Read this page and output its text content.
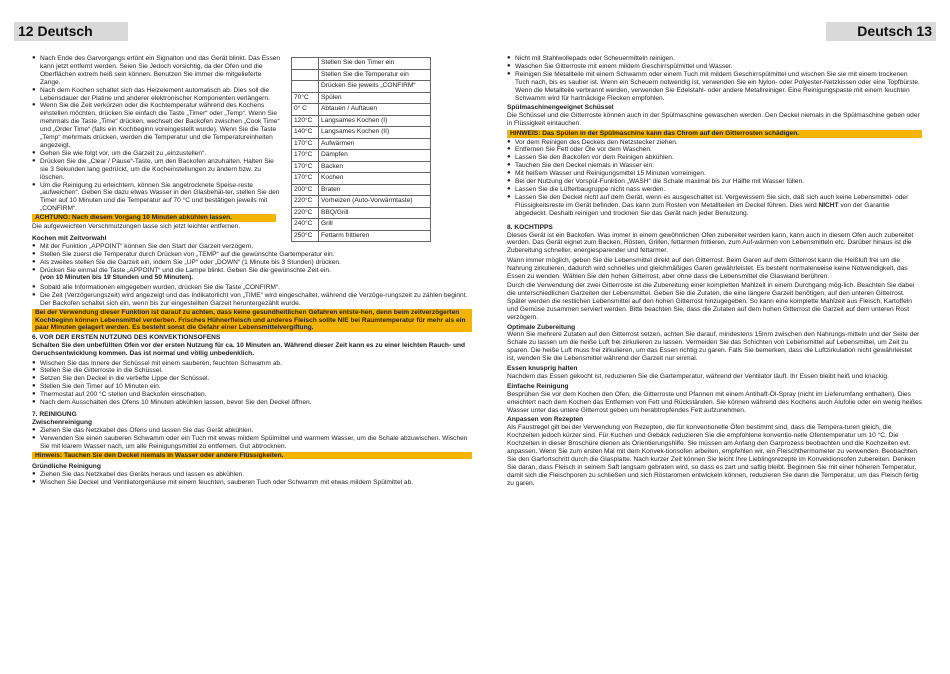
12 Deutsch	Deutsch 13
● Nach Ende des Garvorgangs ertönt ein Signalton und das Gerät blinkt. Das Essen kann jetzt entfernt werden. Seien Sie Jedoch vorsichtig, da der Ofen und die Oberflächen extrem heiß sein können. Benutzen Sie immer die mitgelieferte Zange.
● Nach dem Kochen schaltet sich das Heizelement automatisch ab. Dies soll die Lebensdauer der Platine und anderer elektronischer Komponenten verlängern.
● Wenn Sie die Zeit verkürzen oder die Kochtemperatur während des Kochens einstellen möchten, drücken Sie einfach die Taste „Timer“ oder „Temp“. Wenn Sie mehrmals die Taste „Time“ drücken, wechselt der Backofen zwischen „Cook Time“ und „Order Time“ (falls ein Kochbeginn voreingestellt wurde). Wenn Sie die Taste „Temp“ mehrmals drücken, werden die Temperatur und die Temperatureinheiten angezeigt.
● Gehen Sie wie folgt vor, um die Garzeit zu „einzustellen“.
● Drücken Sie die „Clear / Pause“-Taste, um den Backofen anzuhalten. Halten Sie sie 3 Sekunden lang gedrückt, um die Kocheinstellungen zu ändern bzw. zu löschen.
● Um die Reinigung zu erleichtern, können Sie angetrocknete Speise-reste „aufweichen“. Geben Sie dazu etwas Wasser in den Glasbehäl-ter, stellen Sie den Timer auf 10 Minuten und die Temperatur auf 70 °C und bestätigen jeweils mit „CONFIRM“.
ACHTUNG: Nach diesem Vorgang 10 Minuten abkühlen lassen.

Die aufgeweichten Verschmutzungen lasse sich jetzt leichter entfernen.

Kochen mit Zeitvorwahl
● Mit der Funktion „APPOINT“ können Sie den Start der Garzeit verzögern.
● Stellen Sie zuerst die Temperatur durch Drücken von „TEMP“ auf die gewünschte Gartemperatur ein.
● Als zweites stellen Sie die Garzeit ein, indem Sie „UP“ oder „DOWN“ (1 Minute bis 3 Stunden) drücken.
● Drücken Sie einmal die Taste „APPOINT“ und die Lampe blinkt. Geben Sie die gewünschte Zeit ein.

(von 10 Minuten bis 19 Stunden und 50 Minuten).

● Sobald alle Informationen eingegeben wurden, drücken Sie die Taste „CONFIRM“.
● Die Zeit (Verzögerungszeit) wird angezeigt und das Indikatorlicht von „TIME“ wird eingeschaltet, während die Verzöge-rungszeit zu zählen beginnt. Der Backofen schaltet sich ein, wenn bis zur eingestellten Garzeit heruntergezählt wurde.
Bei der Verwendung dieser Funktion ist darauf zu achten, dass keine gesundheitlichen Gefahren entste-hen, denn beim zeitverzögerten Kochbeginn können Lebensmittel verderben. Frisches Hühnerfleisch und anderes Fleisch sollte NIE bei Raumtemperatur für mehr als ein paar Minuten gelagert werden. Es besteht sonst die Gefahr einer Lebensmittelvergiftung.
6. VOR DER ERSTEN NUTZUNG DES KONVEKTIONSOFENS

Schalten Sie den unbefüllten Ofen vor der ersten Nutzung für ca. 10 Minuten an. Während dieser Zeit kann es zu einer leichten Rauch- und Geruchsentwicklung kommen. Das ist normal und völlig unbedenklich.

● Wischen Sie das Innere der Schüssel mit einem sauberen, feuchten Schwamm ab.
● Stellen Sie die Gitterroste in die Schüssel.
● Setzen Sie den Deckel in die vertiefte Lippe der Schüssel.
● Stellen Sie den Timer auf 10 Minuten ein.
● Thermostat auf 200 °C stellen und Backofen einschalten.
● Nach dem Ausschalten des Ofens 10 Minuten abkühlen lassen, bevor Sie den Deckel öffnen.
7. REINIGUNG
Zwischenreinigung
● Ziehen Sie das Netzkabel des Ofens und lassen Sie das Gerät abkühlen.
● Verwenden Sie einen sauberen Schwamm oder ein Tuch mit etwas mildem Spülmittel und warmem Wasser, um die Schale abzuwischen. Wischen Sie mit klarem Wasser nach, um alle Reinigungsmittel zu entfernen. Gut abtrocknen.
Hinweis: Tauchen Sie den Deckel niemals in Wasser oder andere Flüssigkeiten.
Gründliche Reinigung
● Ziehen Sie das Netzkabel des Geräts heraus und lassen es abkühlen.
● Wischen Sie Deckel und Ventilatorgehäuse mit einem feuchten, sauberen Tuch oder Schwamm mit etwas mildem Spülmittel ab.
	Stellen Sie den Timer ein
	Stellen Sie die Temperatur ein
	Drücken Sie jeweils „CONFIRM“
70°C	Spülen
0° C	Abtauen / Auftauen
120°C	Langsames Kochen (I)
140°C	Langsames Kochen (II)
170°C	Aufwärmen
170°C	Dämpfen
170°C	Backen
170°C	Kochen
200°C	Braten
220°C	Vorheizen (Auto-Vorwärmtaste)
220°C	BBQ/Grill
240°C	Grill
250°C	Fettarm frittieren
● Nicht mit Stahlwollepads oder Scheuermitteln reinigen.
● Waschen Sie Gitterroste mit einem mildem Geschirrspülmittel und Wasser.
● Reinigen Sie Metallteile mit einem Schwamm oder einem Tuch mit mildem Geschirrspülmittel und wischen Sie sie mit einem trockenen Tuch nach, bis es sauber ist. Wenn ein Scheuern notwendig ist, verwenden Sie ein Nylon- oder Polyester-Netzkissen oder eine Topfbürste. Wenn die Metallteile verbrannt werden, verwenden Sie Edelstahl- oder andere Metallreiniger. Eine Reinigungspaste mit einem feuchten Schwamm wird für hartnäckige Flecken empfohlen.
Spülmaschinengeeignet Schüssel

Die Schüssel und die Gitterroste können auch in der Spülmaschine gewaschen werden. Den Deckel niemals in die Spülmaschine geben oder in Flüssigkeit eintauchen.

HINWEIS: Das Spülen in der Spülmaschine kann das Chrom auf den Gitterrosten schädigen.
● Vor dem Reinigen des Deckels den Netzstecker ziehen.
● Entfernen Sie Fett oder Öle vor dem Waschen.
● Lassen Sie den Backofen vor dem Reinigen abkühlen.
● Tauchen Sie den Deckel niemals in Wasser ein.
● Mit heißem Wasser und Reinigungsmittel 15 Minuten vorreinigen.
● Bei der Nutzung der Vorspül-Funktion „WASH“ die Schale maximal bis zur Hälfte mit Wasser füllen.
● Lassen Sie die Lüfterbaugruppe nicht nass werden.
● Lassen Sie den Deckel nicht auf dem Gerät, wenn es ausgeschaltet ist. Vergewissern Sie sich, daß sich auch keine Lebensmittel- oder Flüssigkeitsreste im Gerät befinden. Das kann zum Rosten von Metallteilen im Deckel führen. Dies wird NICHT von der Garantie abgedeckt. Deshalb reinigen und trocknen Sie das Gerät nach jeder Benutzung.
8. KOCHTIPPS

Dieses Gerät ist ein Backofen. Was immer in einem gewöhnlichen Ofen zubereitet werden kann, kann auch in diesem Ofen auch zubereitet werden. Das Gerät eignet zum Backen, Rösten, Grillen, fettarmen frittieren, zum Auf-wärmen von Lebensmitteln etc. Darüber hinaus ist die Zubereitung schneller, energiesparender und fettarmer.

Wann immer möglich, geben Sie die Lebensmittel direkt auf den Gitterrost. Beim Garen auf dem Gitterrost kann die Heißluft frei um die Nahrung zirkulieren, dadurch wird schnelles und gleichmäßiges Garen gewährleistet. Es besteht normalerweise keine Notwendigkeit, das Essen zu wenden. Wählen Sie den hohen Gitterrost, aber ohne dass die Lebensmittel die Glaswand berühren.

Durch die Verwendung der zwei Gitterroste ist die Zubereitung einer kompletten Mahlzeit in einem Durchgang mög-lich. Beachten Sie dabei die unterschiedlichen Garzeiten der Lebensmittel. Geben Sie die Zutaten, die eine längere Garzeit benötigen, auf den unteren Gitterrost. Später werden die restlichen Lebensmittel auf den hohen Gitterrost hinzugegeben. So kann eine komplette Mahlzeit aus Fleisch, Kartoffeln und Gemüse zusammen serviert werden. Bitte beachten Sie, dass die Zutaten auf dem hohen Gitterrost die Garzeit auf dem unteren Rost verzögern.

Optimale Zubereitung

Wenn Sie mehrere Zutaten auf den Gitterrost setzen, achten Sie darauf, mindestens 15mm zwischen den Nahrungs-mitteln und der Seite der Schale zu lassen um die heiße Luft frei zirkulieren zu lassen. Vermeiden Sie das Schichten von Lebensmittel auf Lebensmittel, um Zeit zu sparen. Die heiße Luft muss frei zirkulieren, um das Essen richtig zu garen. Falls Sie bemerken, dass die Luftzirkulation nicht gewährleistet ist, wenden Sie die Lebensmittel während der Garzeit nur einmal.

Essen knusprig halten

Nachdem das Essen gekocht ist, reduzieren Sie die Gartemperatur, während der Ventilator läuft. Ihr Essen bleibt heiß und knackig.

Einfache Reinigung

Besprühen Sie vor dem Kochen den Ofen, die Gitterroste und Pfannen mit einem Antihaft-Öl-Spray (nicht im Lieferumfang enthalten). Dies erleichtert nach dem Kochen das Entfernen von Fett und Rückständen. Sie können während des Kochens auch Alufolie oder ein wenig heißes Wasser unter das untere Gitterrost geben um herabtropfendes Fett aufzunehmen.

Anpassen von Rezepten

Als Faustregel gilt bei der Verwendung von Rezepten, die für konventionelle Öfen bestimmt sind, dass die Tempera-turen gleich, die Kochzeiten jedoch kürzer sind. Für Kuchen und Gebäck reduzieren Sie die empfohlene konventio-nelle Ofentemperatur um 10 °C. Die Kochzeiten in dieser Broschüre dienen als Orientierungshilfe. Sie müssen am Anfang den Garprozess beobachten und die Kochzeiten evt. anpassen. Wenn Sie zum ersten Mal mit dem Konvek-tionsofen arbeiten, empfehlen wir, ein Fleischthermometer zu verwenden. Beobachten Sie den Garfortschritt durch die Glasplatte. Nach kurzer Zeit können Sie leicht Ihre Lieblingsrezepte im Konvektionsofen zubereiten. Denken Sie daran, dass Fleisch in seinem Saft langsam gebraten wird, so dass es zart und saftig bleibt. Beginnen Sie mit einer höheren Temperatur, damit sich die Fleischporen zu schließen und sich Röstaromen entwickeln können, reduzieren Sie dann die Temperatur, um das Fleisch fertig zu garen.
